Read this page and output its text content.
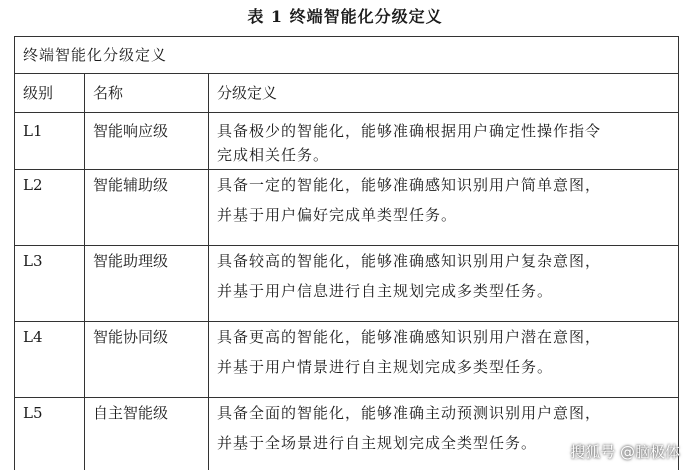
表 1 终端智能化分级定义
终端智能化分级定义		
级别	名称	分级定义
L1	智能响应级	具备极少的智能化，能够准确根据用户确定性操作指令
完成相关任务。

L2	智能辅助级	具备一定的智能化，能够准确感知识别用户简单意图，
并基于用户偏好完成单类型任务。

L3	智能助理级	具备较高的智能化，能够准确感知识别用户复杂意图，
并基于用户信息进行自主规划完成多类型任务。

L4	智能协同级	具备更高的智能化，能够准确感知识别用户潜在意图，
并基于用户情景进行自主规划完成多类型任务。

L5	自主智能级	具备全面的智能化，能够准确主动预测识别用户意图，
并基于全场景进行自主规划完成全类型任务。	搜狐号 @脑极体
